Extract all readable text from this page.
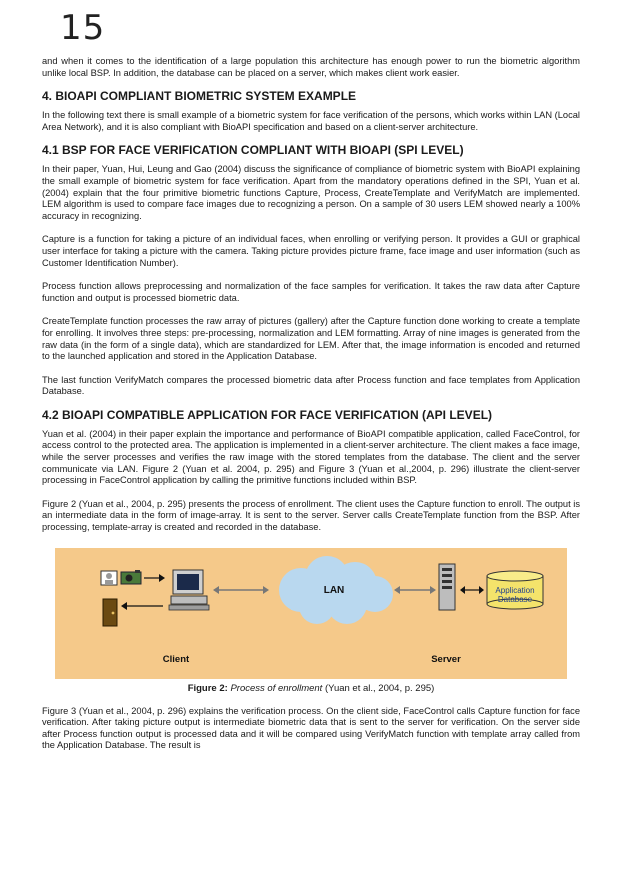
15

and when it comes to the identification of a large population this architecture has enough power to run the biometric algorithm unlike local BSP. In addition, the database can be placed on a server, which makes client work easier.

4. BIOAPI COMPLIANT BIOMETRIC SYSTEM EXAMPLE

In the following text there is small example of a biometric system for face verification of the persons, which works within LAN (Local Area Network), and it is also compliant with BioAPI specification and based on a client-server architecture.

4.1 BSP FOR FACE VERIFICATION COMPLIANT WITH BIOAPI (SPI LEVEL)

In their paper, Yuan, Hui, Leung and Gao (2004) discuss the significance of compliance of biometric system with BioAPI explaining the small example of biometric system for face verification. Apart from the mandatory operations defined in the SPI, Yuan et al. (2004) explain that the four primitive biometric functions Capture, Process, CreateTemplate and VerifyMatch are implemented. LEM algorithm is used to compare face images due to recognizing a person. On a sample of 30 users LEM showed nearly a 100% accuracy in recognizing.

Capture is a function for taking a picture of an individual faces, when enrolling or verifying person. It provides a GUI or graphical user interface for taking a picture with the camera. Taking picture provides picture frame, face image and user information (such as Customer Identification Number).

Process function allows preprocessing and normalization of the face samples for verification. It takes the raw data after Capture function and output is processed biometric data.

CreateTemplate function processes the raw array of pictures (gallery) after the Capture function done working to create a template for enrolling. It involves three steps: pre-processing, normalization and LEM formatting. Array of nine images is generated from the raw data (in the form of a single data), which are standardized for LEM. After that, the image information is encoded and returned to the launched application and stored in the Application Database.

The last function VerifyMatch compares the processed biometric data after Process function and face templates from Application Database.

4.2 BIOAPI COMPATIBLE APPLICATION FOR FACE VERIFICATION (API LEVEL)

Yuan et al. (2004) in their paper explain the importance and performance of BioAPI compatible application, called FaceControl, for access control to the protected area. The application is implemented in a client-server architecture. The client makes a face image, while the server processes and verifies the raw image with the stored templates from the database. The client and the server communicate via LAN. Figure 2 (Yuan et al. 2004, p. 295) and Figure 3 (Yuan et al.,2004, p. 296) illustrate the client-server processing in FaceControl application by calling the primitive functions included within BSP.

Figure 2 (Yuan et al., 2004, p. 295) presents the process of enrollment. The client uses the Capture function to enroll. The output is an intermediate data in the form of image-array. It is sent to the server. Server calls CreateTemplate function from the BSP. After processing, template-array is created and recorded in the database.

LAN	Application
Database
Client	Server
Figure 2: Process of enrollment (Yuan et al., 2004, p. 295)

Figure 3 (Yuan et al., 2004, p. 296) explains the verification process. On the client side, FaceControl calls Capture function for face verification. After taking picture output is intermediate biometric data that is sent to the server for verification. On the server side after Process function output is processed data and it will be compared using VerifyMatch function with template array called from the Application Database. The result is
